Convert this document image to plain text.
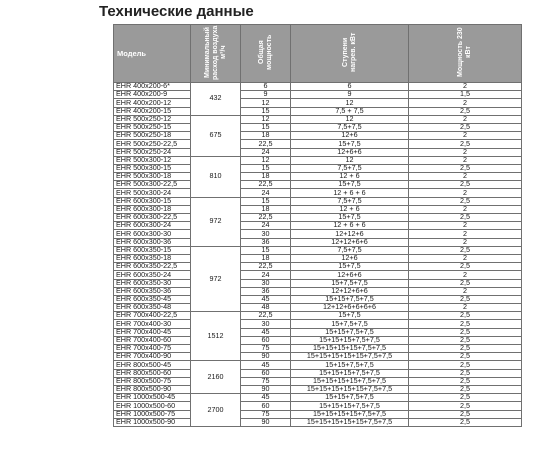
Технические данные
Модель	Минимальный расход воздуха м³/ч	Общая мощность	Ступени нагрев. кВт	Мощность 230 кВт
EHR 400x200-6*	432	6	6	2
EHR 400x200-9		9	9	1,5
EHR 400x200-12		12	12	2
EHR 400x200-15		15	7,5 + 7,5	2,5
EHR 500x250-12	675	12	12	2
EHR 500x250-15		15	7,5+7,5	2,5
EHR 500x250-18		18	12+6	2
EHR 500x250-22,5		22,5	15+7,5	2,5
EHR 500x250-24		24	12+6+6	2
EHR 500x300-12	810	12	12	2
EHR 500x300-15		15	7,5+7,5	2,5
EHR 500x300-18		18	12 + 6	2
EHR 500x300-22,5		22,5	15+7,5	2,5
EHR 500x300-24		24	12 + 6 + 6	2
EHR 600x300-15	972	15	7,5+7,5	2,5
EHR 600x300-18		18	12 + 6	2
EHR 600x300-22,5		22,5	15+7,5	2,5
EHR 600x300-24		24	12 + 6 + 6	2
EHR 600x300-30		30	12+12+6	2
EHR 600x300-36		36	12+12+6+6	2
EHR 600x350-15	972	15	7,5+7,5	2,5
EHR 600x350-18		18	12+6	2
EHR 600x350-22,5		22,5	15+7,5	2,5
EHR 600x350-24		24	12+6+6	2
EHR 600x350-30		30	15+7,5+7,5	2,5
EHR 600x350-36		36	12+12+6+6	2
EHR 600x350-45		45	15+15+7,5+7,5	2,5
EHR 600x350-48		48	12+12+6+6+6+6	2
EHR 700x400-22,5	1512	22,5	15+7,5	2,5
EHR 700x400-30		30	15+7,5+7,5	2,5
EHR 700x400-45		45	15+15+7,5+7,5	2,5
EHR 700x400-60		60	15+15+15+7,5+7,5	2,5
EHR 700x400-75		75	15+15+15+15+7,5+7,5	2,5
EHR 700x400-90		90	15+15+15+15+15+7,5+7,5	2,5
EHR 800x500-45	2160	45	15+15+7,5+7,5	2,5
EHR 800x500-60		60	15+15+15+7,5+7,5	2,5
EHR 800x500-75		75	15+15+15+15+7,5+7,5	2,5
EHR 800x500-90		90	15+15+15+15+15+7,5+7,5	2,5
EHR 1000x500-45	2700	45	15+15+7,5+7,5	2,5
EHR 1000x500-60		60	15+15+15+7,5+7,5	2,5
EHR 1000x500-75		75	15+15+15+15+7,5+7,5	2,5
EHR 1000x500-90		90	15+15+15+15+15+7,5+7,5	2,5
